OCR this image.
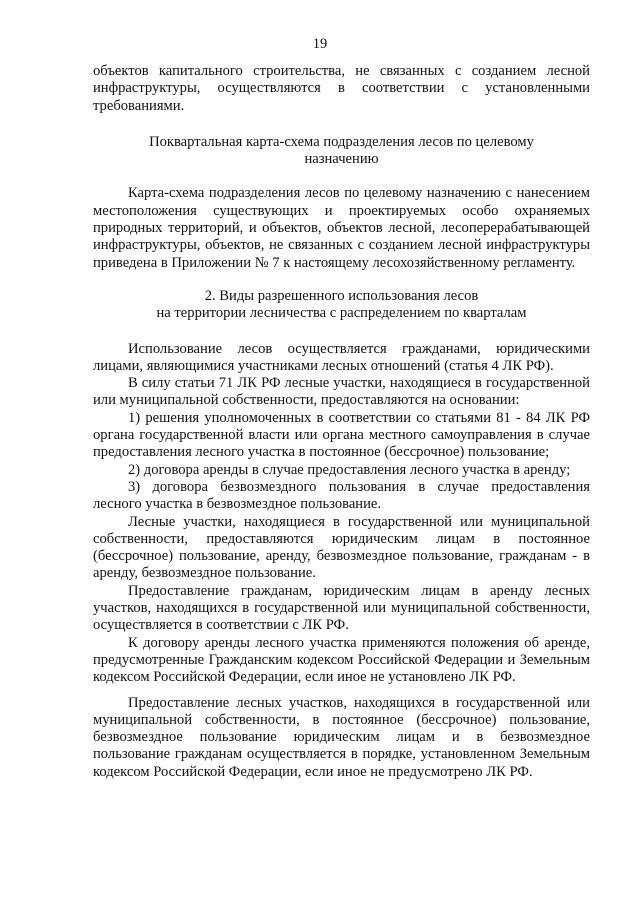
19

объектов капитального строительства, не связанных с созданием лесной инфраструктуры, осуществляются в соответствии с установленными требованиями.

Поквартальная карта-схема подразделения лесов по целевому
назначению

Карта-схема подразделения лесов по целевому назначению с нанесением местоположения существующих и проектируемых особо охраняемых природных территорий, и объектов, объектов лесной, лесоперерабатывающей инфраструктуры, объектов, не связанных с созданием лесной инфраструктуры приведена в Приложении № 7 к настоящему лесохозяйственному регламенту.

2. Виды разрешенного использования лесов
на территории лесничества с распределением по кварталам

Использование лесов осуществляется гражданами, юридическими лицами, являющимися участниками лесных отношений (статья 4 ЛК РФ).

В силу статьи 71 ЛК РФ лесные участки, находящиеся в государственной или муниципальной собственности, предоставляются на основании:

1) решения уполномоченных в соответствии со статьями 81 - 84 ЛК РФ органа государственной власти или органа местного самоуправления в случае предоставления лесного участка в постоянное (бессрочное) пользование;

2) договора аренды в случае предоставления лесного участка в аренду;

3) договора безвозмездного пользования в случае предоставления лесного участка в безвозмездное пользование.

Лесные участки, находящиеся в государственной или муниципальной собственности, предоставляются юридическим лицам в постоянное (бессрочное) пользование, аренду, безвозмездное пользование, гражданам - в аренду, безвозмездное пользование.

Предоставление гражданам, юридическим лицам в аренду лесных участков, находящихся в государственной или муниципальной собственности, осуществляется в соответствии с ЛК РФ.

К договору аренды лесного участка применяются положения об аренде, предусмотренные Гражданским кодексом Российской Федерации и Земельным кодексом Российской Федерации, если иное не установлено ЛК РФ.

Предоставление лесных участков, находящихся в государственной или муниципальной собственности, в постоянное (бессрочное) пользование, безвозмездное пользование юридическим лицам и в безвозмездное пользование гражданам осуществляется в порядке, установленном Земельным кодексом Российской Федерации, если иное не предусмотрено ЛК РФ.
